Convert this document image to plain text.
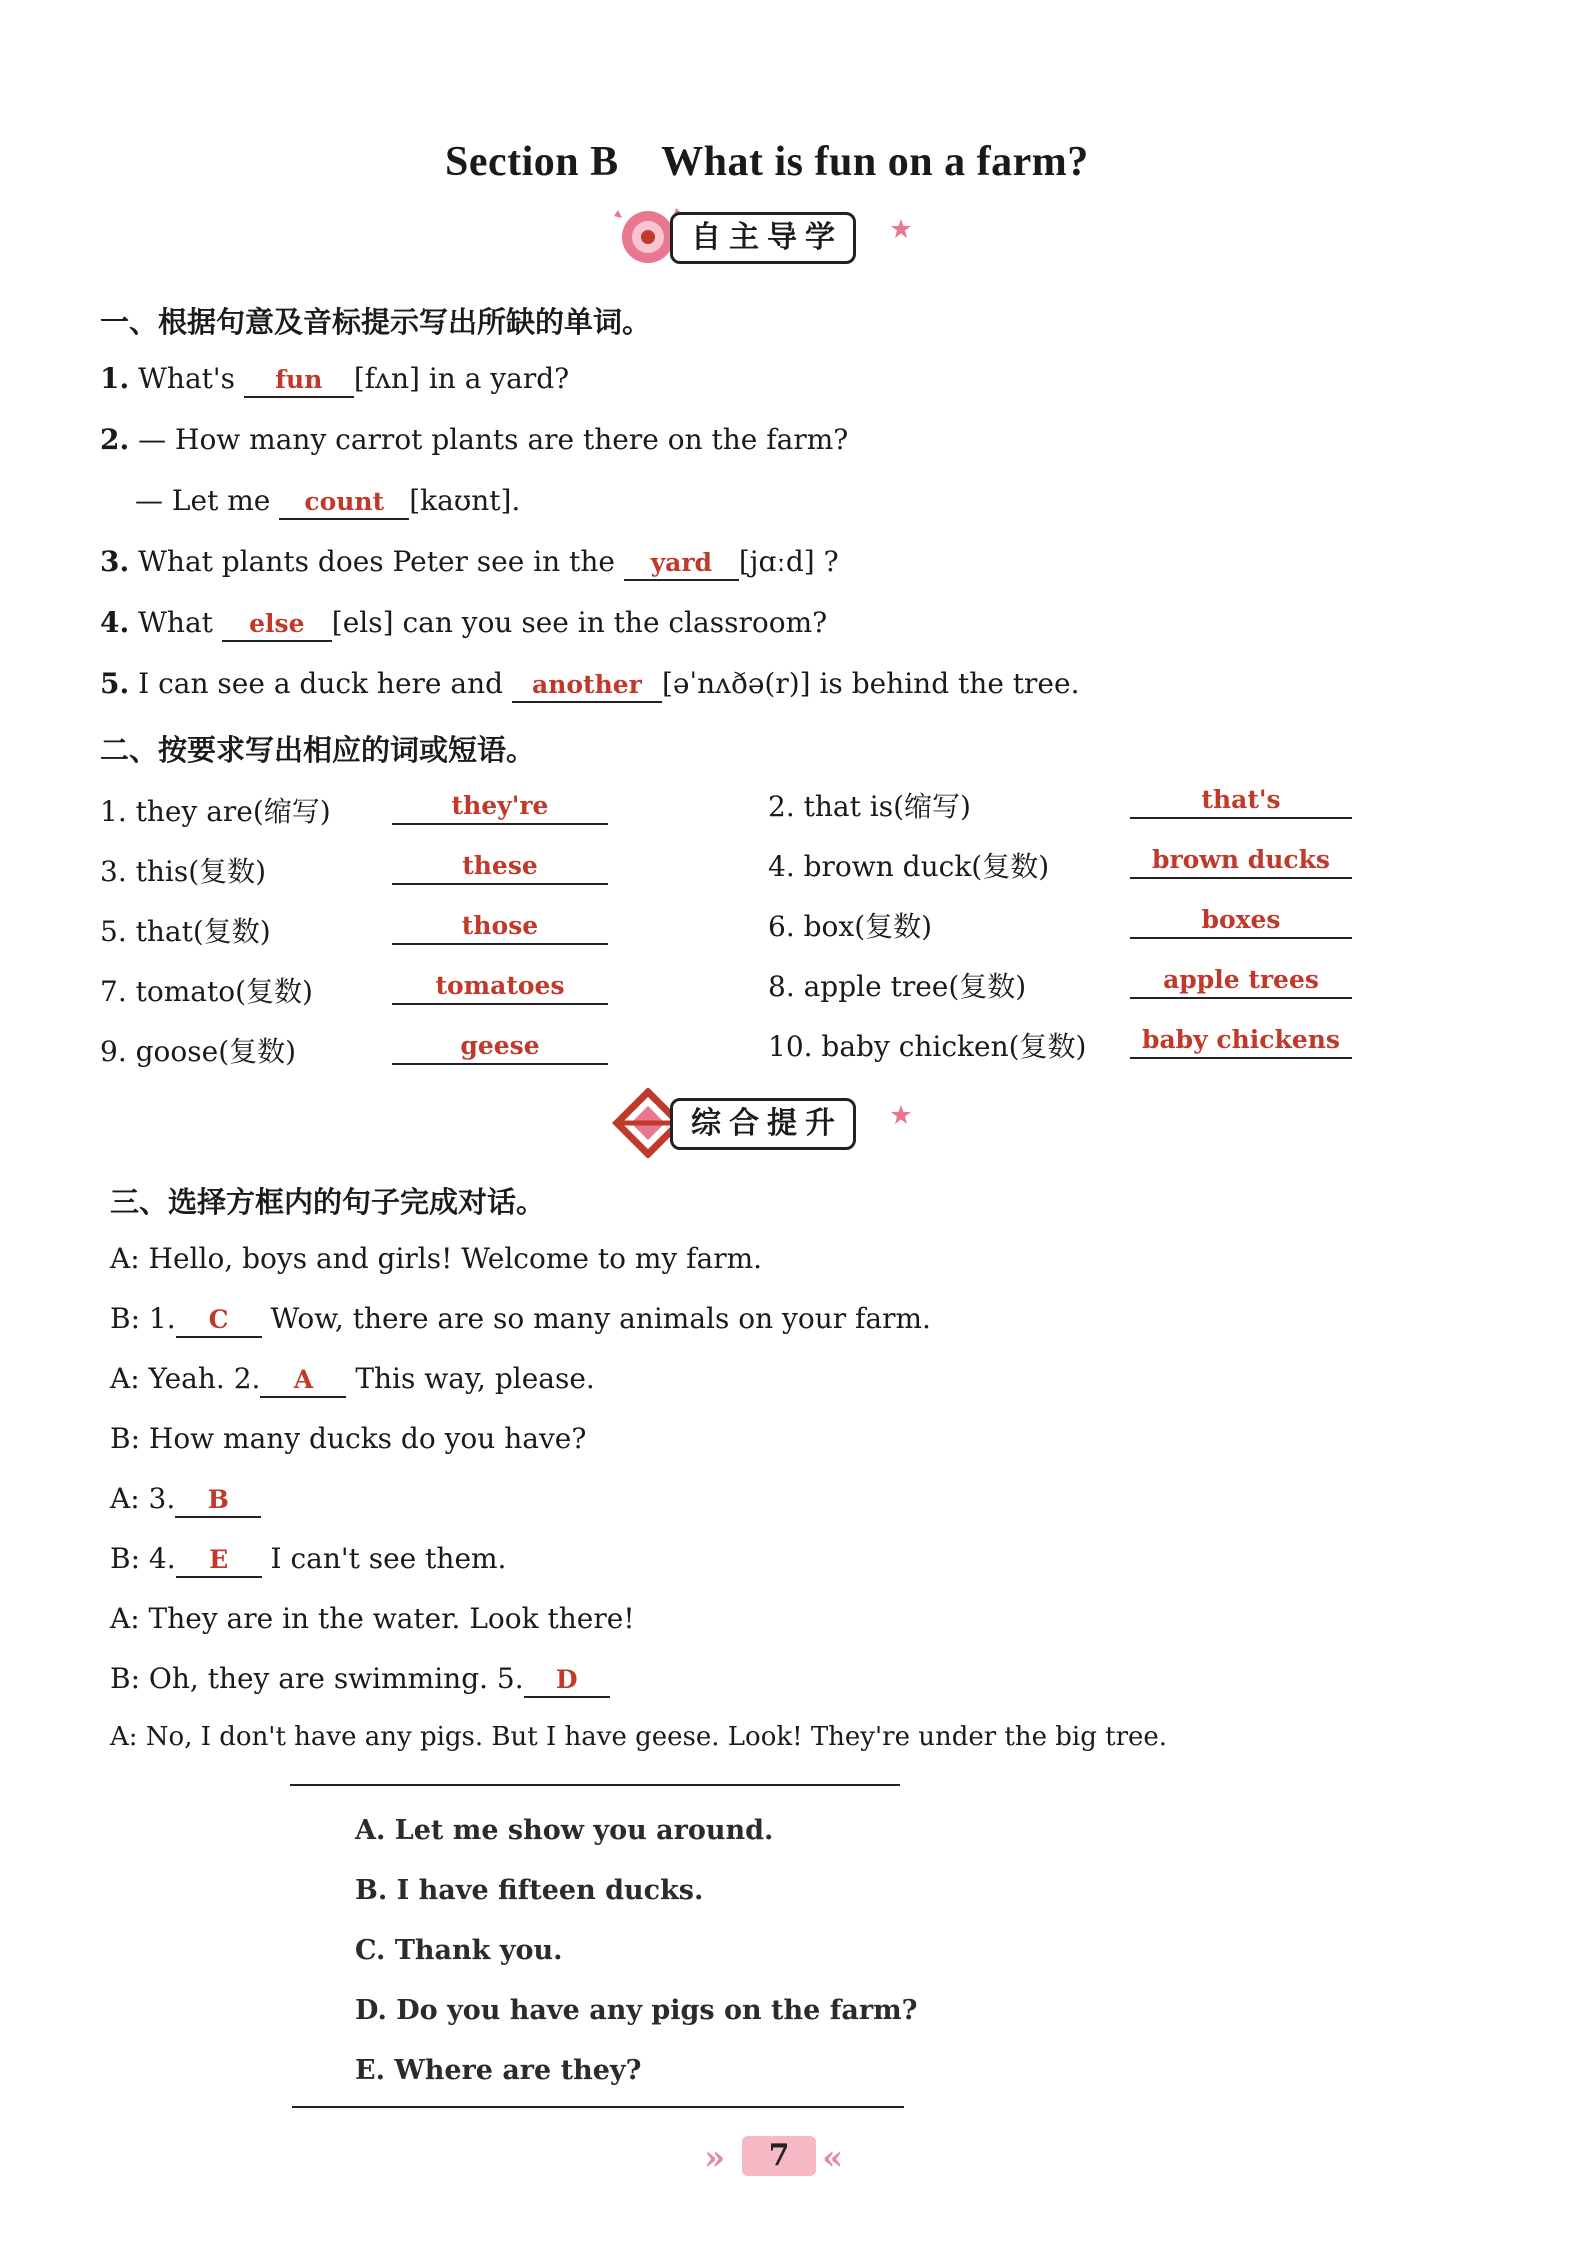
Section B　What is fun on a farm?
自主导学
一、根据句意及音标提示写出所缺的单词。
1. What's fun [fʌn] in a yard?
2. — How many carrot plants are there on the farm?
— Let me count [kaʊnt].
3. What plants does Peter see in the yard [jɑːd] ?
4. What else [els] can you see in the classroom?
5. I can see a duck here and another [əˈnʌðə(r)] is behind the tree.
二、按要求写出相应的词或短语。
1. they are(缩写)	they're	2. that is(缩写)	that's
3. this(复数)	these	4. brown duck(复数)	brown ducks
5. that(复数)	those	6. box(复数)	boxes
7. tomato(复数)	tomatoes	8. apple tree(复数)	apple trees
9. goose(复数)	geese	10. baby chicken(复数)	baby chickens
综合提升
三、选择方框内的句子完成对话。
A: Hello, boys and girls! Welcome to my farm.
B: 1. C Wow, there are so many animals on your farm.
A: Yeah. 2. A This way, please.
B: How many ducks do you have?
A: 3. B
B: 4. E I can't see them.
A: They are in the water. Look there!
B: Oh, they are swimming. 5. D
A: No, I don't have any pigs. But I have geese. Look! They're under the big tree.
A. Let me show you around.
B. I have fifteen ducks.
C. Thank you.
D. Do you have any pigs on the farm?
E. Where are they?
»	7 «
